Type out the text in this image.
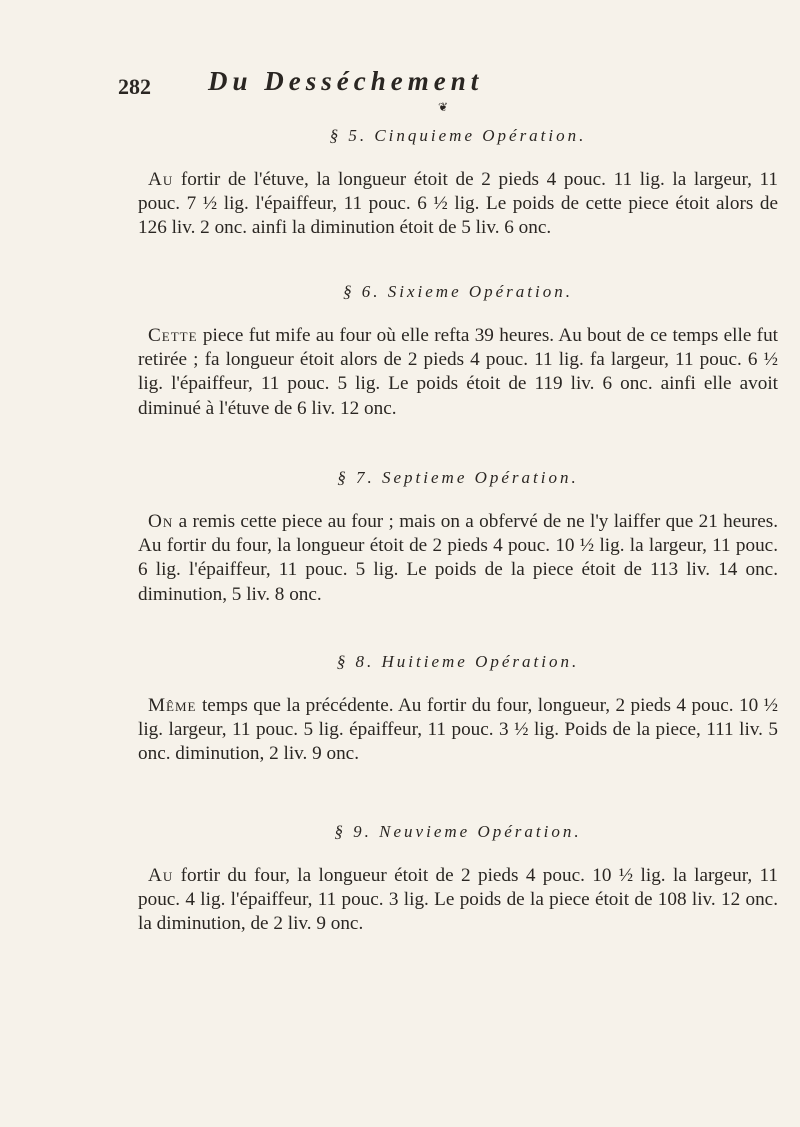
282 Du Desséchement
❦
§ 5. Cinquieme Opération.

Au fortir de l'étuve, la longueur étoit de 2 pieds 4 pouc. 11 lig. la largeur, 11 pouc. 7 ½ lig. l'épaiffeur, 11 pouc. 6 ½ lig. Le poids de cette piece étoit alors de 126 liv. 2 onc. ainfi la diminution étoit de 5 liv. 6 onc.

§ 6. Sixieme Opération.

Cette piece fut mife au four où elle refta 39 heures. Au bout de ce temps elle fut retirée ; fa longueur étoit alors de 2 pieds 4 pouc. 11 lig. fa largeur, 11 pouc. 6 ½ lig. l'épaiffeur, 11 pouc. 5 lig. Le poids étoit de 119 liv. 6 onc. ainfi elle avoit diminué à l'étuve de 6 liv. 12 onc.

§ 7. Septieme Opération.

On a remis cette piece au four ; mais on a obfervé de ne l'y laiffer que 21 heures. Au fortir du four, la longueur étoit de 2 pieds 4 pouc. 10 ½ lig. la largeur, 11 pouc. 6 lig. l'épaiffeur, 11 pouc. 5 lig. Le poids de la piece étoit de 113 liv. 14 onc. diminution, 5 liv. 8 onc.

§ 8. Huitieme Opération.

Même temps que la précédente. Au fortir du four, longueur, 2 pieds 4 pouc. 10 ½ lig. largeur, 11 pouc. 5 lig. épaiffeur, 11 pouc. 3 ½ lig. Poids de la piece, 111 liv. 5 onc. diminution, 2 liv. 9 onc.

§ 9. Neuvieme Opération.

Au fortir du four, la longueur étoit de 2 pieds 4 pouc. 10 ½ lig. la largeur, 11 pouc. 4 lig. l'épaiffeur, 11 pouc. 3 lig. Le poids de la piece étoit de 108 liv. 12 onc. la diminution, de 2 liv. 9 onc.
